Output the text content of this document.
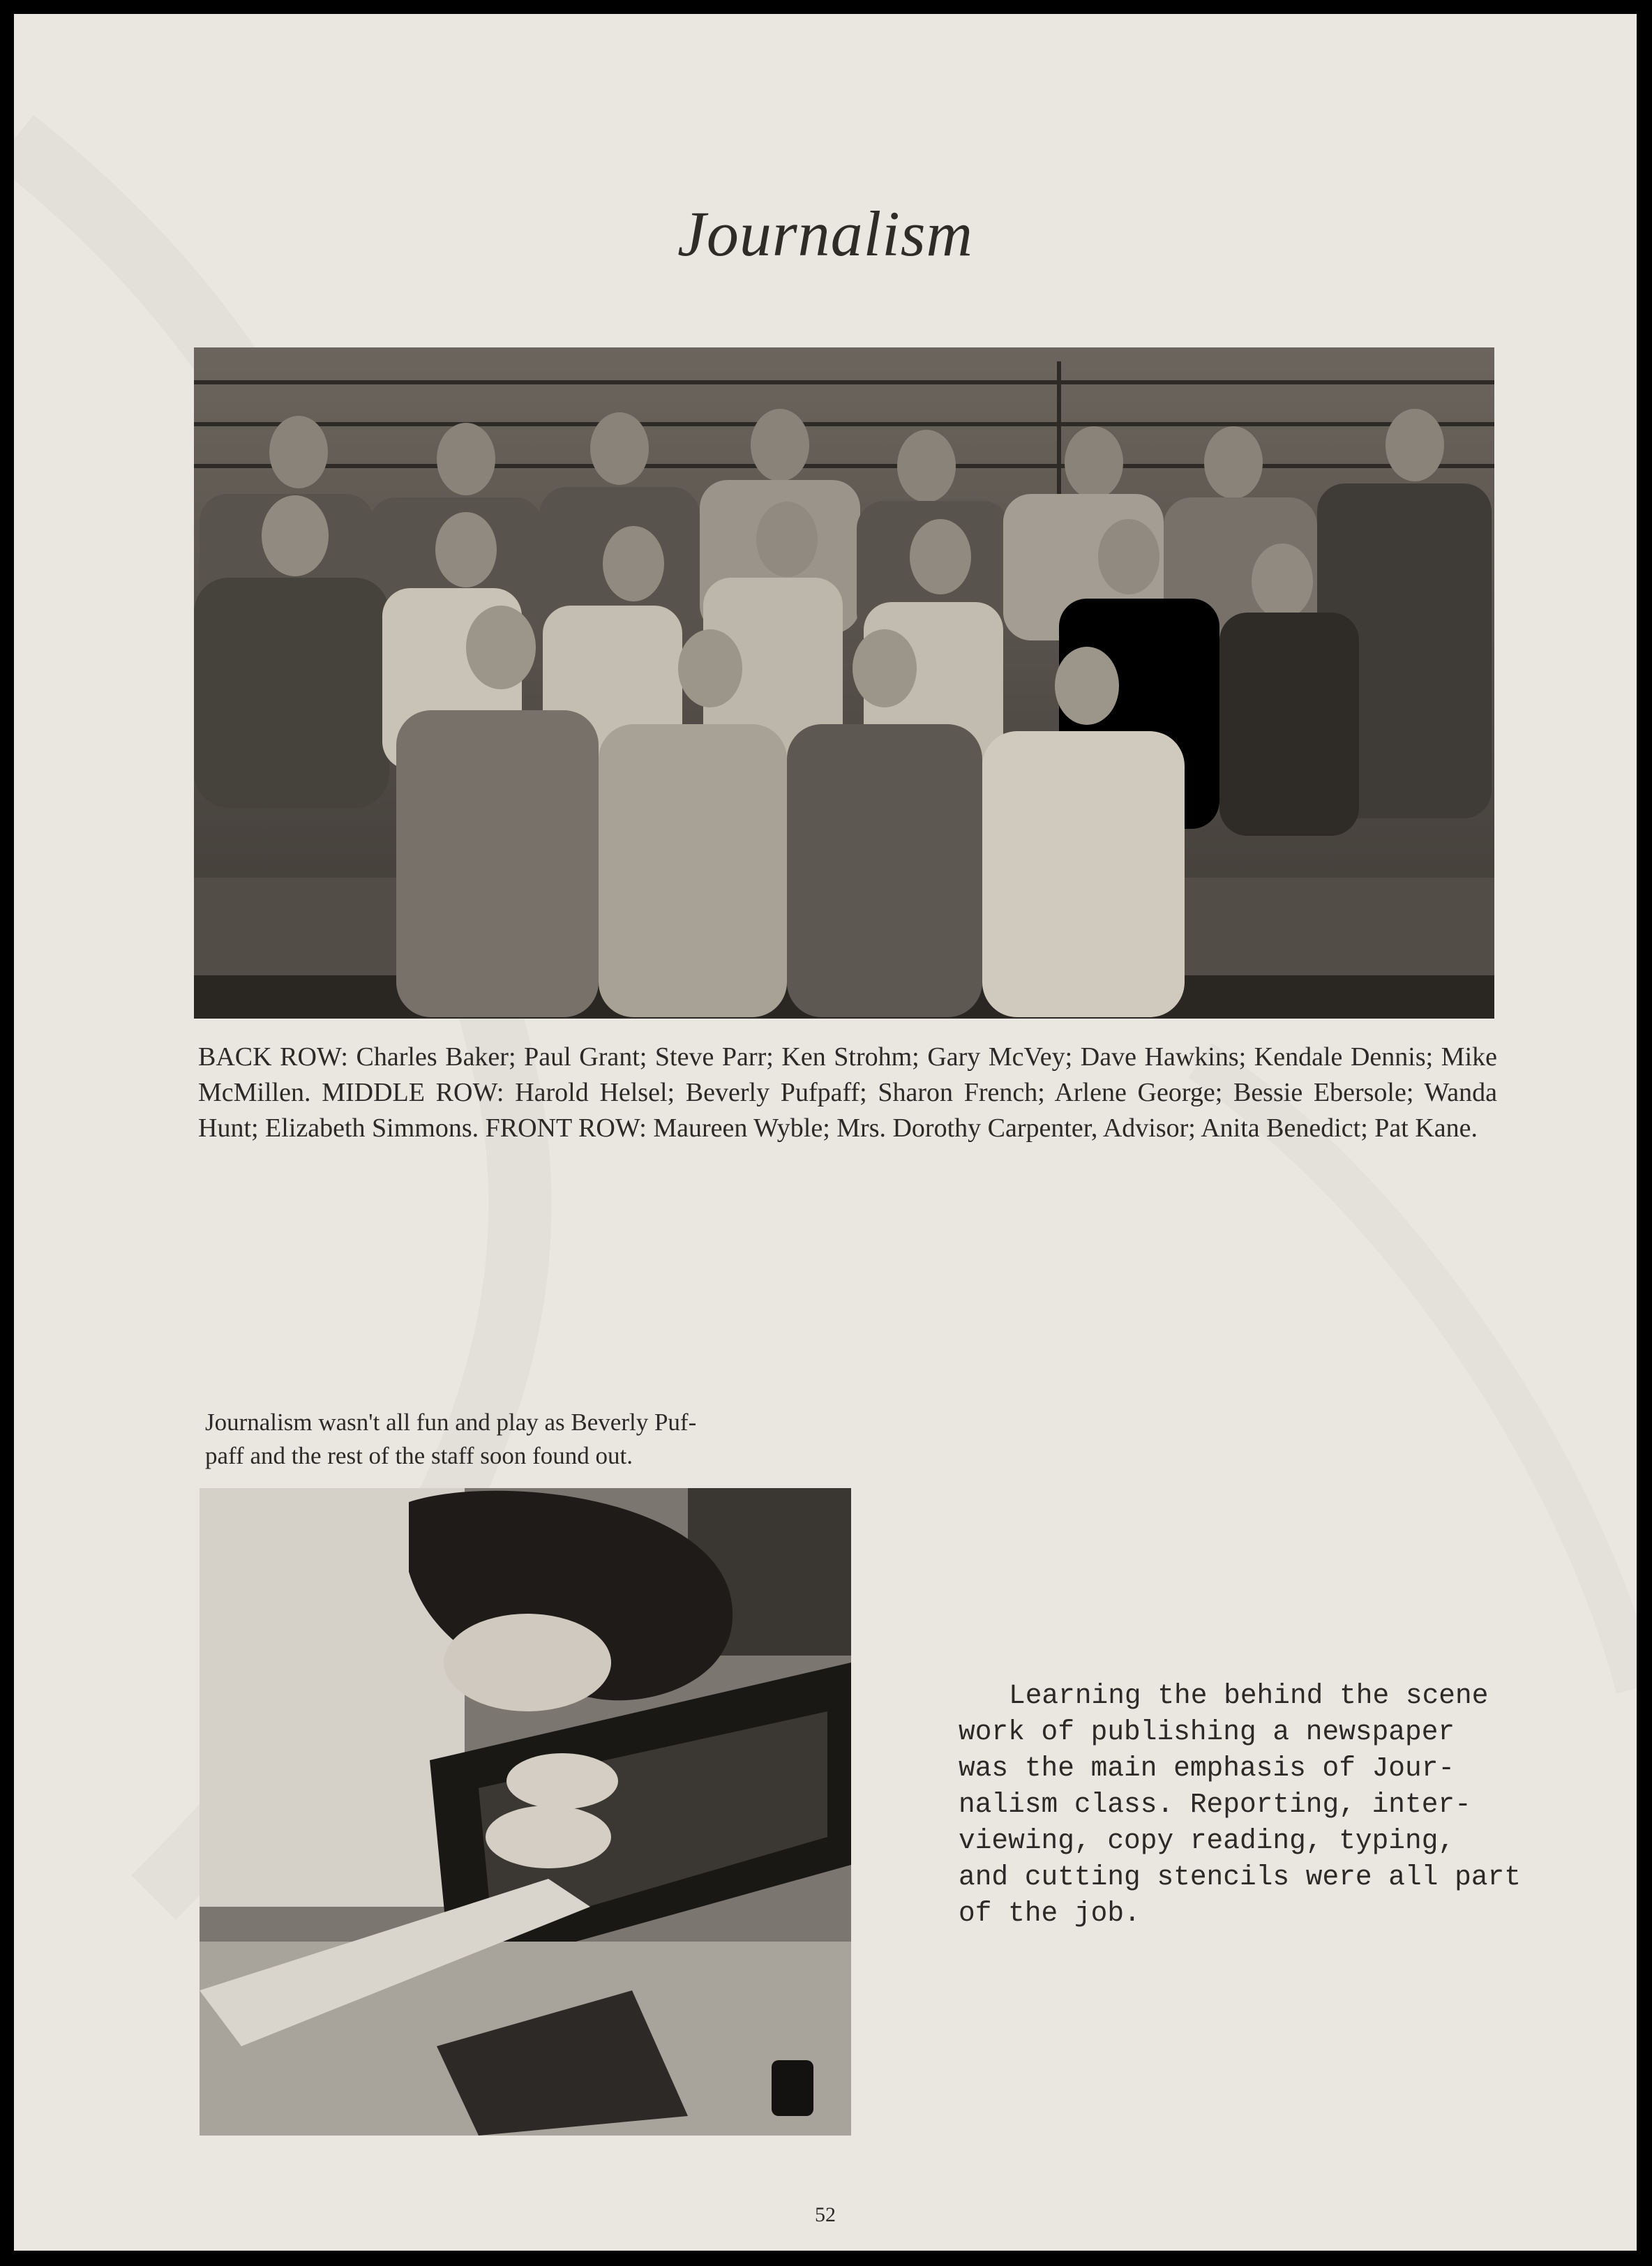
Journalism
BACK ROW: Charles Baker; Paul Grant; Steve Parr; Ken Strohm; Gary McVey; Dave Hawkins; Kendale Dennis; Mike McMillen. MIDDLE ROW: Harold Helsel; Beverly Pufpaff; Sharon French; Arlene George; Bessie Ebersole; Wanda Hunt; Elizabeth Simmons. FRONT ROW: Maureen Wyble; Mrs. Dorothy Carpenter, Advisor; Anita Benedict; Pat Kane.
Journalism wasn't all fun and play as Beverly Puf-
paff and the rest of the staff soon found out.
Learning the behind the scene
work of publishing a newspaper
was the main emphasis of Jour-
nalism class. Reporting, inter-
viewing, copy reading, typing,
and cutting stencils were all part
of the job.
52
